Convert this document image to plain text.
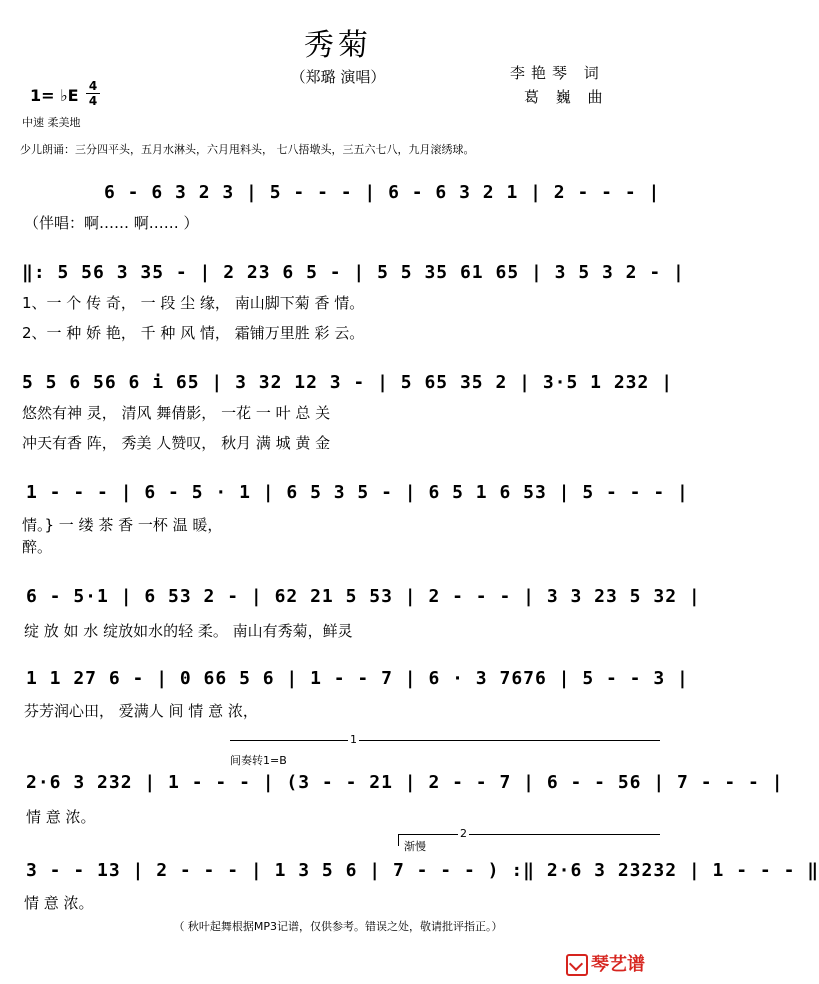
秀菊
（郑璐 演唱）	李艳琴 词
葛 巍 曲
1= ♭E 4
4
中速 柔美地
少儿朗诵：三分四平头，五月水淋头，六月甩料头， 七八捂墩头，三五六七八，九月滚绣球。
6 - 6 3 2 3 | 5 - - - | 6 - 6 3 2 1 | 2 - - - |
（伴唱：啊…… 啊…… ）
‖: 5 56 3 35 - | 2 23 6 5 - | 5 5 35 61 65 | 3 5 3 2 - |
1、一 个 传 奇， 一 段 尘 缘， 南山脚下菊 香 情。
2、一 种 娇 艳， 千 种 风 情， 霜铺万里胜 彩 云。
5 5 6 56 6 i 65 | 3 32 12 3 - | 5 65 35 2 | 3·5 1 232 |
悠然有神 灵， 清风 舞倩影， 一花 一 叶 总 关
冲天有香 阵， 秀美 人赞叹， 秋月 满 城 黄 金
1 - - - | 6 - 5 · 1 | 6 5 3 5 - | 6 5 1 6 53 | 5 - - - |
情。} 一 缕 茶 香 一杯 温 暖，
醉。
6 - 5·1 | 6 53 2 - | 62 21 5 53 | 2 - - - | 3 3 23 5 32 |
绽 放 如 水 绽放如水的轻 柔。 南山有秀菊，鲜灵
1 1 27 6 - | 0 66 5 6 | 1 - - 7 | 6 · 3 7676 | 5 - - 3 |
芬芳润心田， 爱满人 间 情 意 浓，
1
间奏转1=B
2·6 3 232 | 1 - - - | (3 - - 21 | 2 - - 7 | 6 - - 56 | 7 - - - |
情 意 浓。
2
渐慢
3 - - 13 | 2 - - - | 1 3 5 6 | 7 - - - ) :‖ 2·6 3 23232 | 1 - - - ‖
情 意 浓。
（ 秋叶起舞根据MP3记谱，仅供参考。错误之处，敬请批评指正。）
琴艺谱
